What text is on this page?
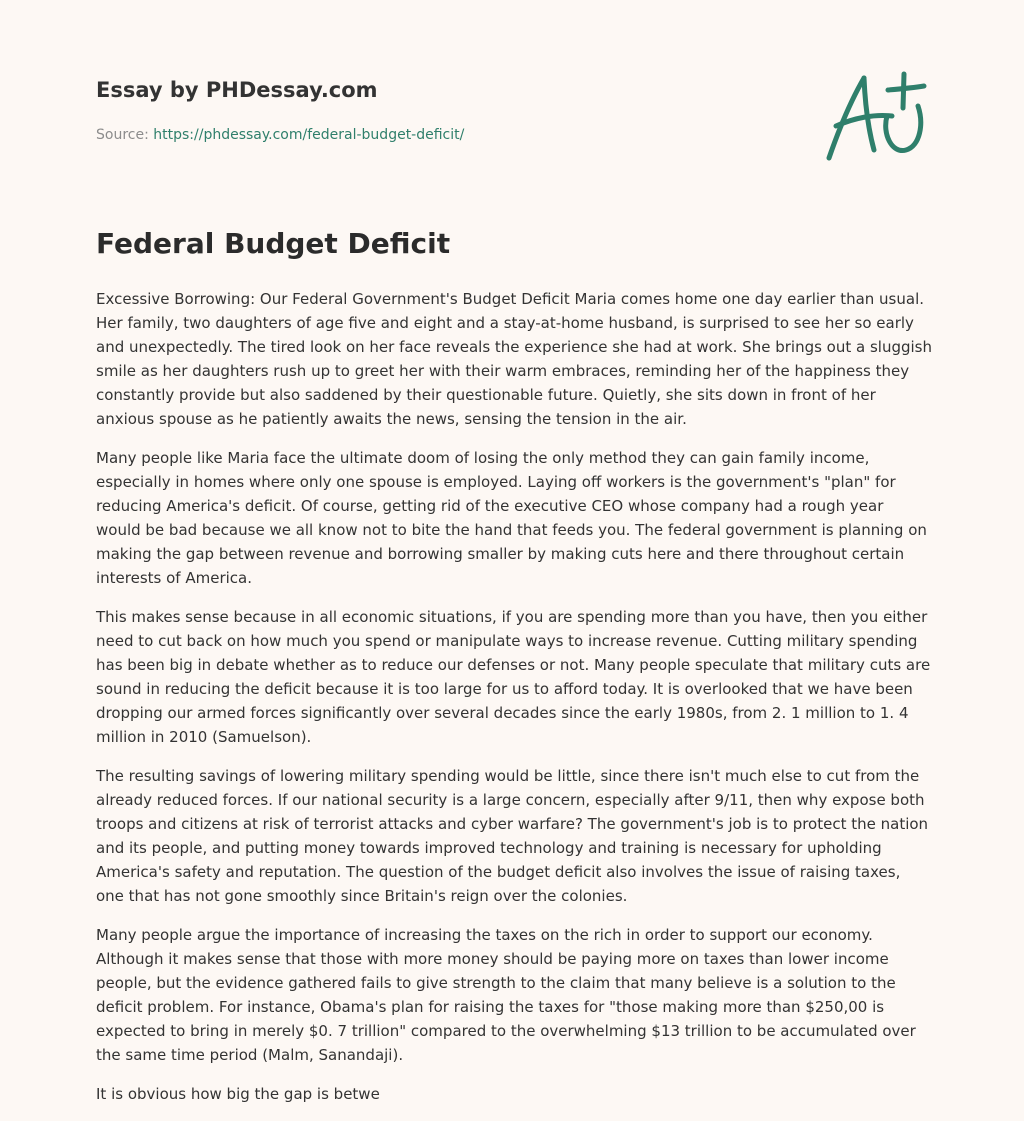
Essay by PHDessay.com
Source: https://phdessay.com/federal-budget-deficit/
Federal Budget Deficit

Excessive Borrowing: Our Federal Government's Budget Deficit Maria comes home one day earlier than usual. Her family, two daughters of age five and eight and a stay-at-home husband, is surprised to see her so early and unexpectedly. The tired look on her face reveals the experience she had at work. She brings out a sluggish smile as her daughters rush up to greet her with their warm embraces, reminding her of the happiness they constantly provide but also saddened by their questionable future. Quietly, she sits down in front of her anxious spouse as he patiently awaits the news, sensing the tension in the air.

Many people like Maria face the ultimate doom of losing the only method they can gain family income, especially in homes where only one spouse is employed. Laying off workers is the government's "plan" for reducing America's deficit. Of course, getting rid of the executive CEO whose company had a rough year would be bad because we all know not to bite the hand that feeds you. The federal government is planning on making the gap between revenue and borrowing smaller by making cuts here and there throughout certain interests of America.

This makes sense because in all economic situations, if you are spending more than you have, then you either need to cut back on how much you spend or manipulate ways to increase revenue. Cutting military spending has been big in debate whether as to reduce our defenses or not. Many people speculate that military cuts are sound in reducing the deficit because it is too large for us to afford today. It is overlooked that we have been dropping our armed forces significantly over several decades since the early 1980s, from 2. 1 million to 1. 4 million in 2010 (Samuelson).

The resulting savings of lowering military spending would be little, since there isn't much else to cut from the already reduced forces. If our national security is a large concern, especially after 9/11, then why expose both troops and citizens at risk of terrorist attacks and cyber warfare? The government's job is to protect the nation and its people, and putting money towards improved technology and training is necessary for upholding America's safety and reputation. The question of the budget deficit also involves the issue of raising taxes, one that has not gone smoothly since Britain's reign over the colonies.

Many people argue the importance of increasing the taxes on the rich in order to support our economy. Although it makes sense that those with more money should be paying more on taxes than lower income people, but the evidence gathered fails to give strength to the claim that many believe is a solution to the deficit problem. For instance, Obama's plan for raising the taxes for "those making more than $250,00 is expected to bring in merely $0. 7 trillion" compared to the overwhelming $13 trillion to be accumulated over the same time period (Malm, Sanandaji).

It is obvious how big the gap is betwe
